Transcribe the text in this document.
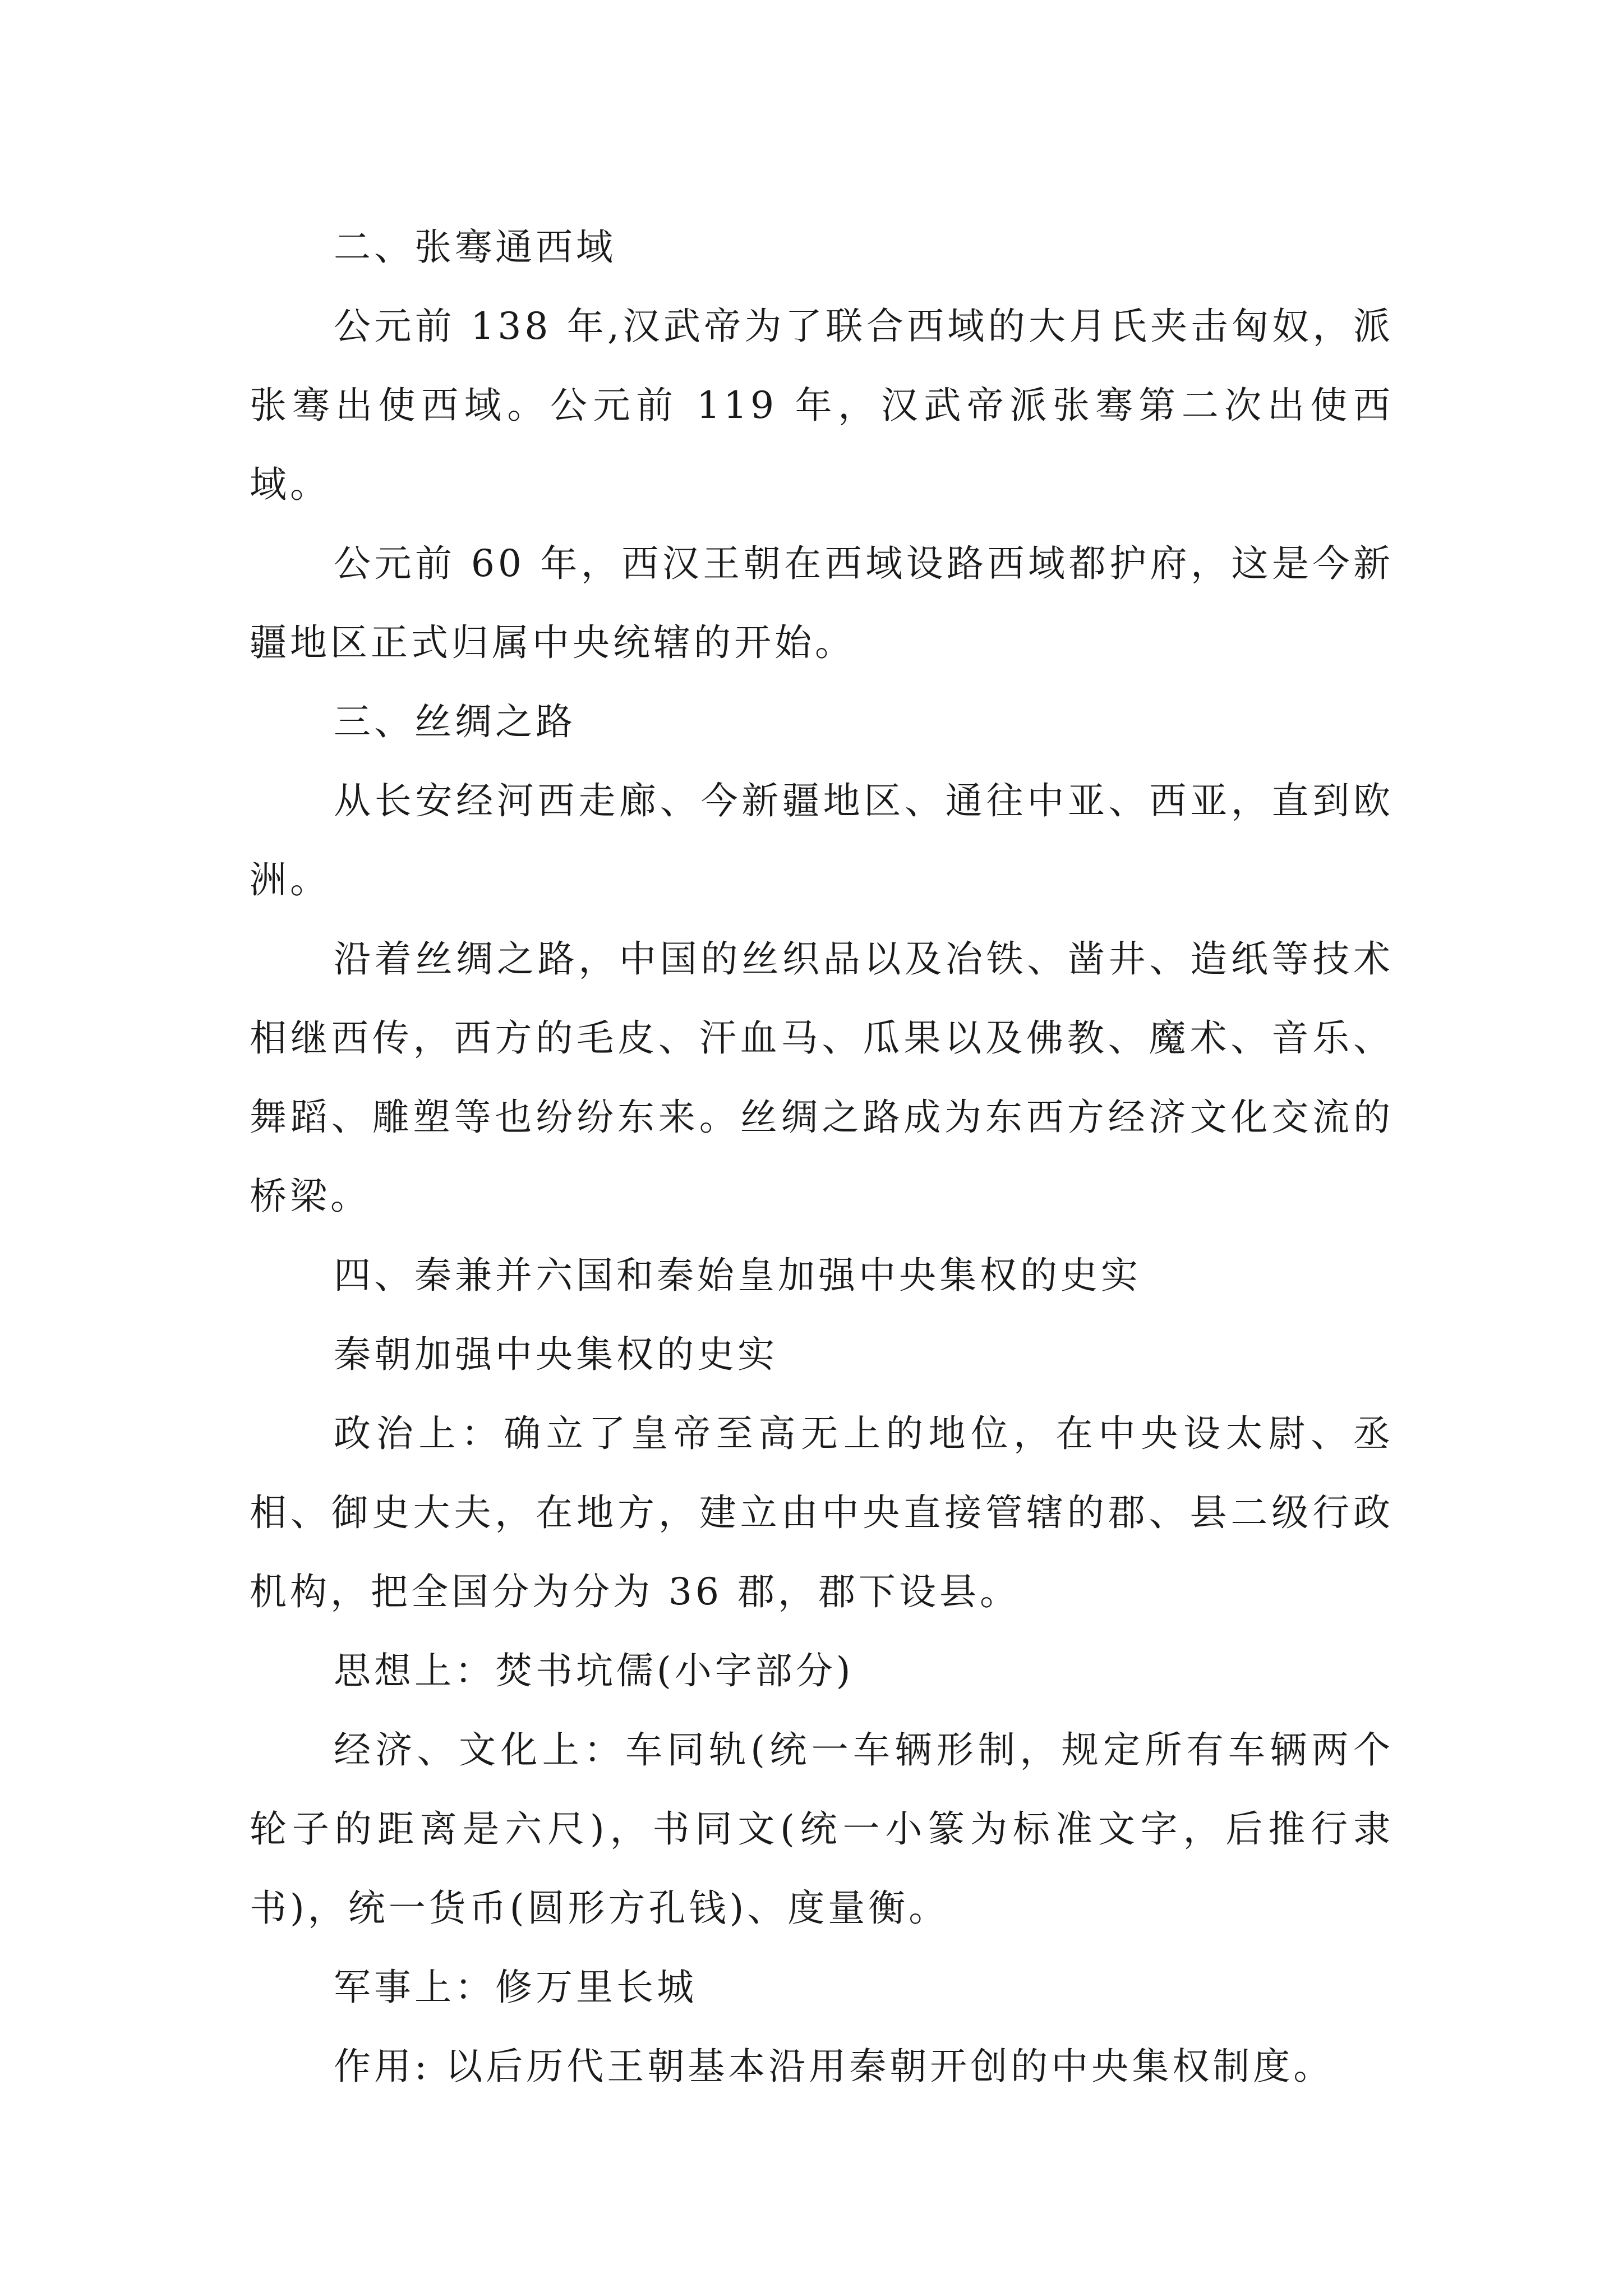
二、张骞通西域

公元前 138 年,汉武帝为了联合西域的大月氏夹击匈奴，派张骞出使西域。公元前 119 年，汉武帝派张骞第二次出使西域。

公元前 60 年，西汉王朝在西域设路西域都护府，这是今新疆地区正式归属中央统辖的开始。

三、丝绸之路

从长安经河西走廊、今新疆地区、通往中亚、西亚，直到欧洲。

沿着丝绸之路，中国的丝织品以及冶铁、凿井、造纸等技术相继西传，西方的毛皮、汗血马、瓜果以及佛教、魔术、音乐、舞蹈、雕塑等也纷纷东来。丝绸之路成为东西方经济文化交流的桥梁。

四、秦兼并六国和秦始皇加强中央集权的史实

秦朝加强中央集权的史实

政治上：确立了皇帝至高无上的地位，在中央设太尉、丞相、御史大夫，在地方，建立由中央直接管辖的郡、县二级行政机构，把全国分为分为 36 郡，郡下设县。

思想上：焚书坑儒(小字部分)

经济、文化上：车同轨(统一车辆形制，规定所有车辆两个轮子的距离是六尺)，书同文(统一小篆为标准文字，后推行隶书)，统一货币(圆形方孔钱)、度量衡。

军事上：修万里长城

作用: 以后历代王朝基本沿用秦朝开创的中央集权制度。
